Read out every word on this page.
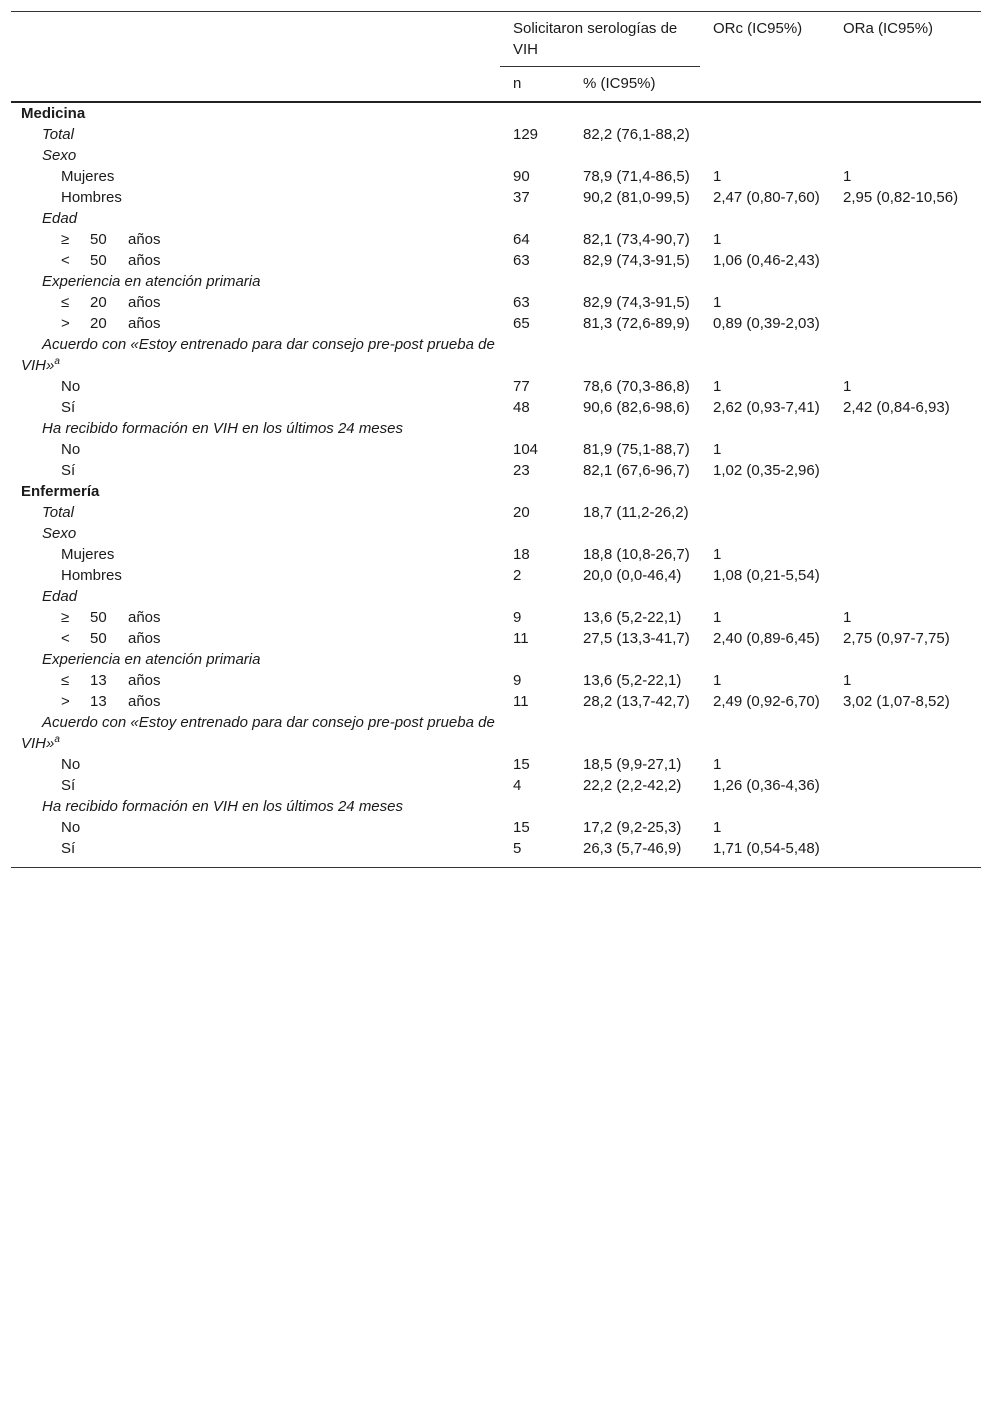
	Solicitaron serologías de VIH		ORc (IC95%)	ORa (IC95%)
	n	% (IC95%)		
Medicina				
Total	129	82,2 (76,1-88,2)		
Sexo				
Mujeres	90	78,9 (71,4-86,5)	1	1
Hombres	37	90,2 (81,0-99,5)	2,47 (0,80-7,60)	2,95 (0,82-10,56)
Edad				
≥ 50 años	64	82,1 (73,4-90,7)	1	
< 50 años	63	82,9 (74,3-91,5)	1,06 (0,46-2,43)	
Experiencia en atención primaria				
≤ 20 años	63	82,9 (74,3-91,5)	1	
> 20 años	65	81,3 (72,6-89,9)	0,89 (0,39-2,03)	
Acuerdo con «Estoy entrenado para dar consejo pre-post prueba de VIH»$^a$				
No	77	78,6 (70,3-86,8)	1	1
Sí	48	90,6 (82,6-98,6)	2,62 (0,93-7,41)	2,42 (0,84-6,93)
Ha recibido formación en VIH en los últimos 24 meses				
No	104	81,9 (75,1-88,7)	1	
Sí	23	82,1 (67,6-96,7)	1,02 (0,35-2,96)	
Enfermería				
Total	20	18,7 (11,2-26,2)		
Sexo				
Mujeres	18	18,8 (10,8-26,7)	1	
Hombres	2	20,0 (0,0-46,4)	1,08 (0,21-5,54)	
Edad				
≥ 50 años	9	13,6 (5,2-22,1)	1	1
< 50 años	11	27,5 (13,3-41,7)	2,40 (0,89-6,45)	2,75 (0,97-7,75)
Experiencia en atención primaria				
≤ 13 años	9	13,6 (5,2-22,1)	1	1
> 13 años	11	28,2 (13,7-42,7)	2,49 (0,92-6,70)	3,02 (1,07-8,52)
Acuerdo con «Estoy entrenado para dar consejo pre-post prueba de VIH»$^a$				
No	15	18,5 (9,9-27,1)	1	
Sí	4	22,2 (2,2-42,2)	1,26 (0,36-4,36)	
Ha recibido formación en VIH en los últimos 24 meses				
No	15	17,2 (9,2-25,3)	1	
Sí	5	26,3 (5,7-46,9)	1,71 (0,54-5,48)	
